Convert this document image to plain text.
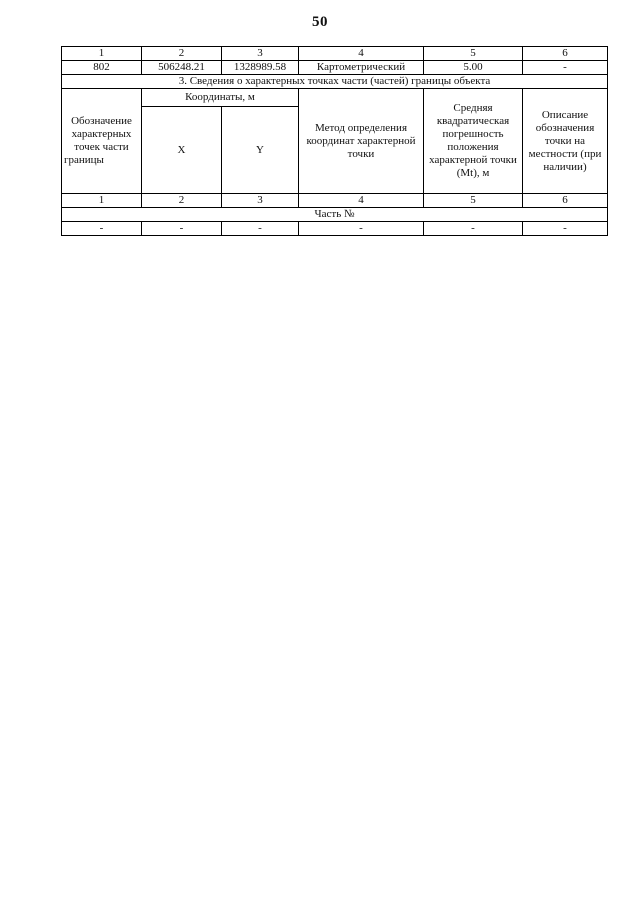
50
1	2	3	4	5	6
802	506248.21	1328989.58	Картометрический	5.00	-
3. Сведения о характерных точках части (частей) границы объекта					
Обозначение характерных точек части границы	Координаты, м		Метод определения координат характерной точки	Средняя квадратическая погрешность положения характерной точки (Mt), м	Описание обозначения точки на местности (при наличии)
	X	Y			
1	2	3	4	5	6
Часть №					
-	-	-	-	-	-
